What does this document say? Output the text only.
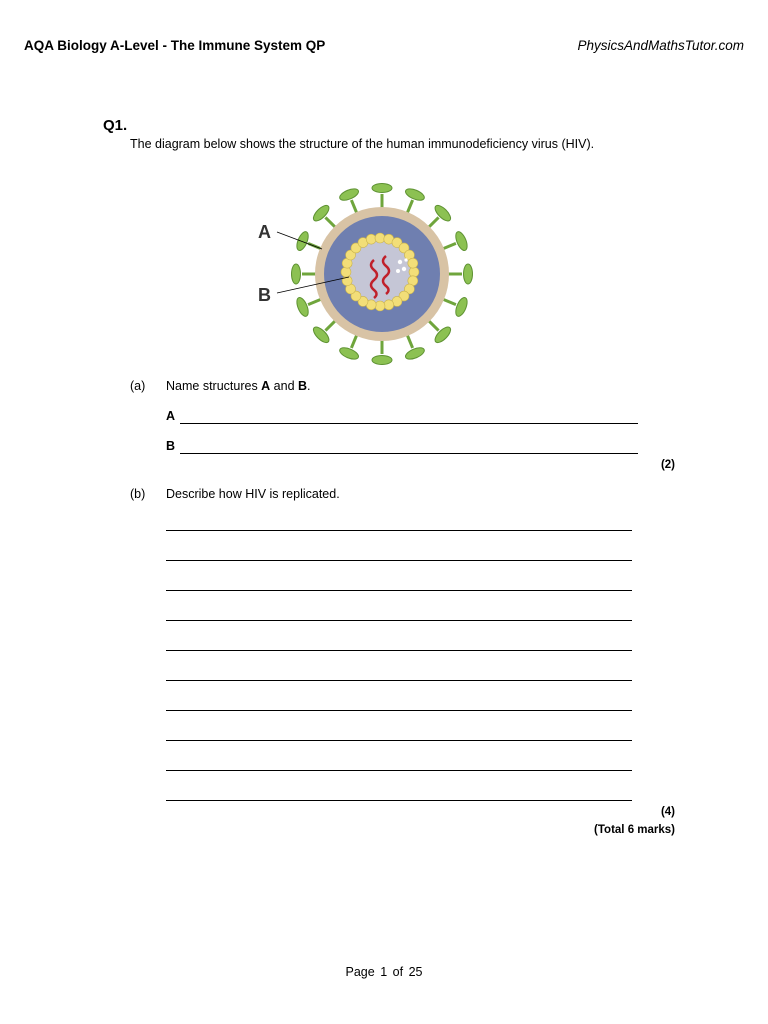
AQA Biology A-Level - The Immune System QP	PhysicsAndMathsTutor.com
Q1.
The diagram below shows the structure of the human immunodeficiency virus (HIV).
A
B
(a) Name structures A and B.
A
B
(2)
(b) Describe how HIV is replicated.
(4)
(Total 6 marks)
Page 1 of 25
